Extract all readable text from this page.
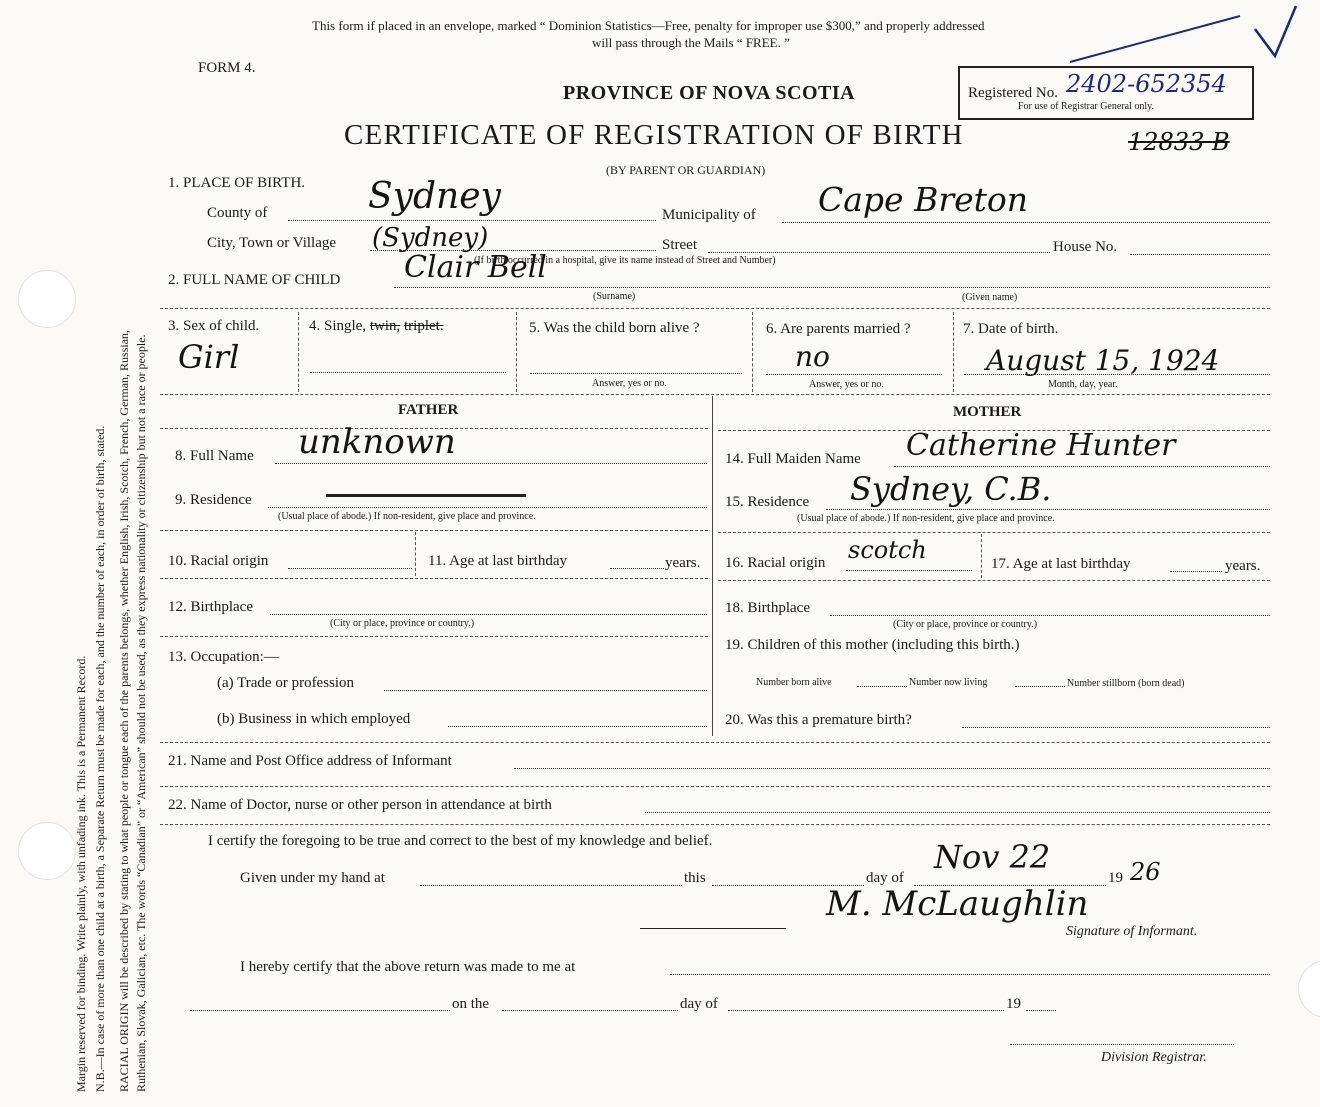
Margin reserved for binding. Write plainly, with unfading ink. This is a Permanent Record. N.B.—In case of more than one child at a birth, a Separate Return must be made for each, and the number of each, in order of birth, stated. RACIAL ORIGIN will be described by stating to what people or tongue each of the parents belongs, whether English, Irish, Scotch, French, German, Russian, Ruthenian, Slovak, Galician, etc. The words “Canadian” or “American” should not be used, as they express nationality or citizenship but not a race or people.
This form if placed in an envelope, marked “ Dominion Statistics—Free, penalty for improper use $300,” and properly addressed
will pass through the Mails “ FREE. ”
FORM 4.
PROVINCE OF NOVA SCOTIA
CERTIFICATE OF REGISTRATION OF BIRTH
(BY PARENT OR GUARDIAN)
Registered No. 2402-652354
For use of Registrar General only.
12833 B
1. PLACE OF BIRTH.
County of	Sydney	Municipality of Cape Breton
City, Town or Village (Sydney)	Street	House No.
(If birth occurred in a hospital, give its name instead of Street and Number)
2. FULL NAME OF CHILD Clair Bell
(Surname)	(Given name)
3. Sex of child.
Girl
4. Single, twin, triplet.	5. Was the child born alive ?
Answer, yes or no.
6. Are parents married ?
no
Answer, yes or no.
7. Date of birth.
August 15, 1924
Month, day, year.
FATHER	MOTHER
8. Full Name unknown
9. Residence
(Usual place of abode.) If non-resident, give place and province.
10. Racial origin	11. Age at last birthday	years.
12. Birthplace
(City or place, province or country.)
13. Occupation:—
(a) Trade or profession
(b) Business in which employed
14. Full Maiden Name Catherine Hunter
15. Residence Sydney, C.B.
(Usual place of abode.) If non-resident, give place and province.
16. Racial origin scotch	17. Age at last birthday	years.
18. Birthplace
(City or place, province or country.)
19. Children of this mother (including this birth.)
Number born alive	Number now living	Number stillborn (born dead)
20. Was this a premature birth?
21. Name and Post Office address of Informant
22. Name of Doctor, nurse or other person in attendance at birth
I certify the foregoing to be true and correct to the best of my knowledge and belief.
Given under my hand at	this	day of
Nov 22
19 26
M. McLaughlin
Signature of Informant.
I hereby certify that the above return was made to me at
on the	day of	19
Division Registrar.
